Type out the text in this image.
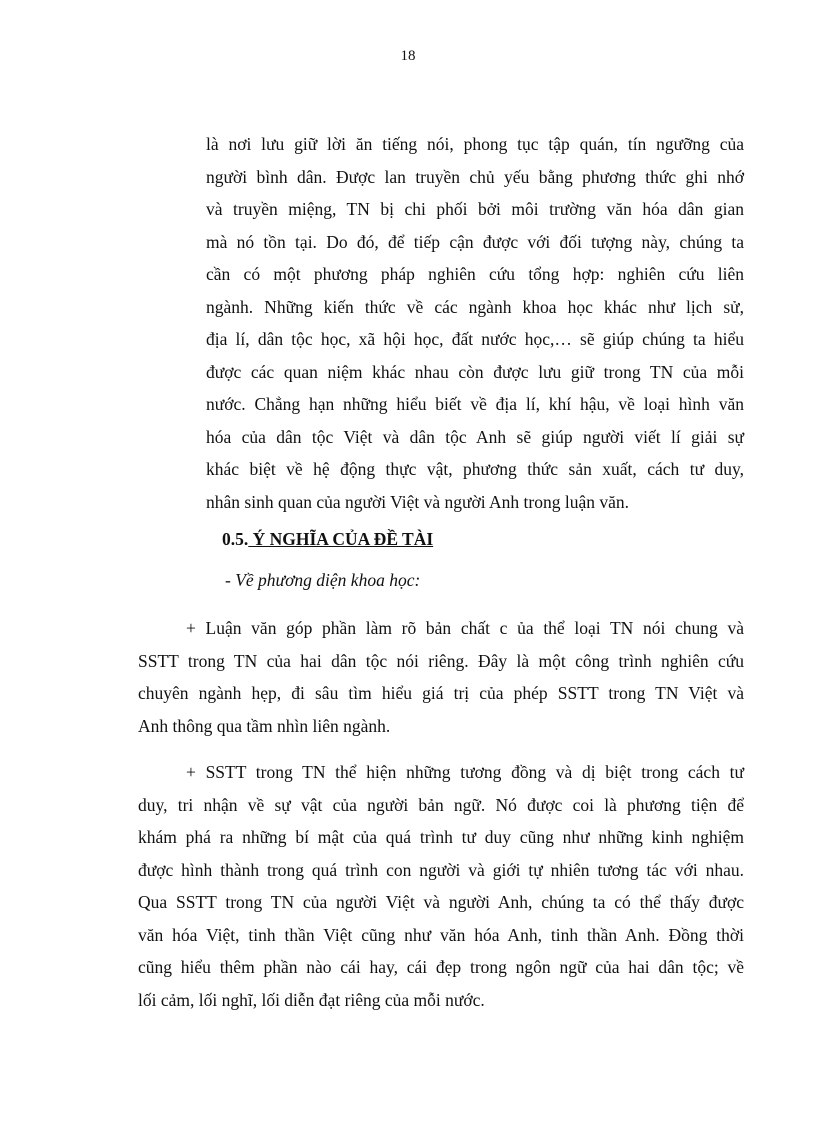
18
là nơi lưu giữ lời ăn tiếng nói, phong tục tập quán, tín ngưỡng của
người bình dân. Được lan truyền chủ yếu bằng phương thức ghi nhớ
và truyền miệng, TN bị chi phối bởi môi trường văn hóa dân gian
mà nó tồn tại. Do đó, để tiếp cận được với đối tượng này, chúng ta
cần có một phương pháp nghiên cứu tổng hợp: nghiên cứu liên
ngành. Những kiến thức về các ngành khoa học khác như lịch sử,
địa lí, dân tộc học, xã hội học, đất nước học,… sẽ giúp chúng ta hiểu
được các quan niệm khác nhau còn được lưu giữ trong TN của mỗi
nước. Chẳng hạn những hiểu biết về địa lí, khí hậu, về loại hình văn
hóa của dân tộc Việt và dân tộc Anh sẽ giúp người viết lí giải sự
khác biệt về hệ động thực vật, phương thức sản xuất, cách tư duy,
nhân sinh quan của người Việt và người Anh trong luận văn.
0.5. Ý NGHĨA CỦA ĐỀ TÀI
- Về phương diện khoa học:
+ Luận văn góp phần làm rõ bản chất c ủa thể loại TN nói chung và
SSTT trong TN của hai dân tộc nói riêng. Đây là một công trình nghiên cứu
chuyên ngành hẹp, đi sâu tìm hiểu giá trị của phép SSTT trong TN Việt và
Anh thông qua tầm nhìn liên ngành.
+ SSTT trong TN thể hiện những tương đồng và dị biệt trong cách tư
duy, tri nhận về sự vật của người bản ngữ. Nó được coi là phương tiện để
khám phá ra những bí mật của quá trình tư duy cũng như những kinh nghiệm
được hình thành trong quá trình con người và giới tự nhiên tương tác với nhau.
Qua SSTT trong TN của người Việt và người Anh, chúng ta có thể thấy được
văn hóa Việt, tinh thần Việt cũng như văn hóa Anh, tinh thần Anh. Đồng thời
cũng hiểu thêm phần nào cái hay, cái đẹp trong ngôn ngữ của hai dân tộc; về
lối cảm, lối nghĩ, lối diễn đạt riêng của mỗi nước.
